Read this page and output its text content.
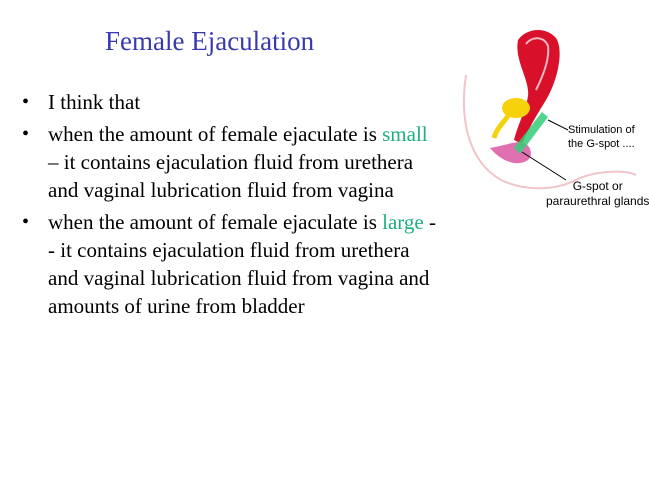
Female Ejaculation
• I think that
• when the amount of female ejaculate is small – it contains ejaculation fluid from urethera and vaginal lubrication fluid from vagina
• when the amount of female ejaculate is large -- it contains ejaculation fluid from urethera and vaginal lubrication fluid from vagina and amounts of urine from bladder
Stimulation of
the G-spot ....
G-spot or
paraurethral glands
